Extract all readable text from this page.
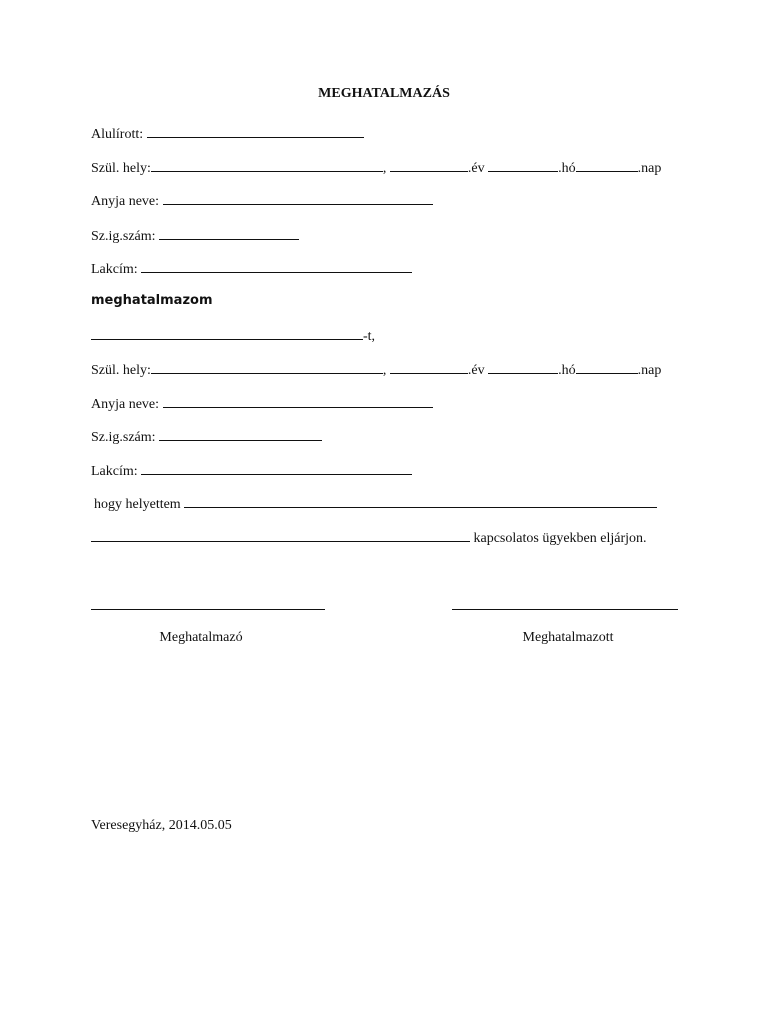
MEGHATALMAZÁS
Alulírott:
Szül. hely:	,	.év	.hó	.nap
Anyja neve:
Sz.ig.szám:
Lakcím:
meghatalmazom
-t,
Szül. hely:	,	.év	.hó	.nap
Anyja neve:
Sz.ig.szám:
Lakcím:
hogy helyettem
kapcsolatos ügyekben eljárjon.
Meghatalmazó	Meghatalmazott
Veresegyház, 2014.05.05
